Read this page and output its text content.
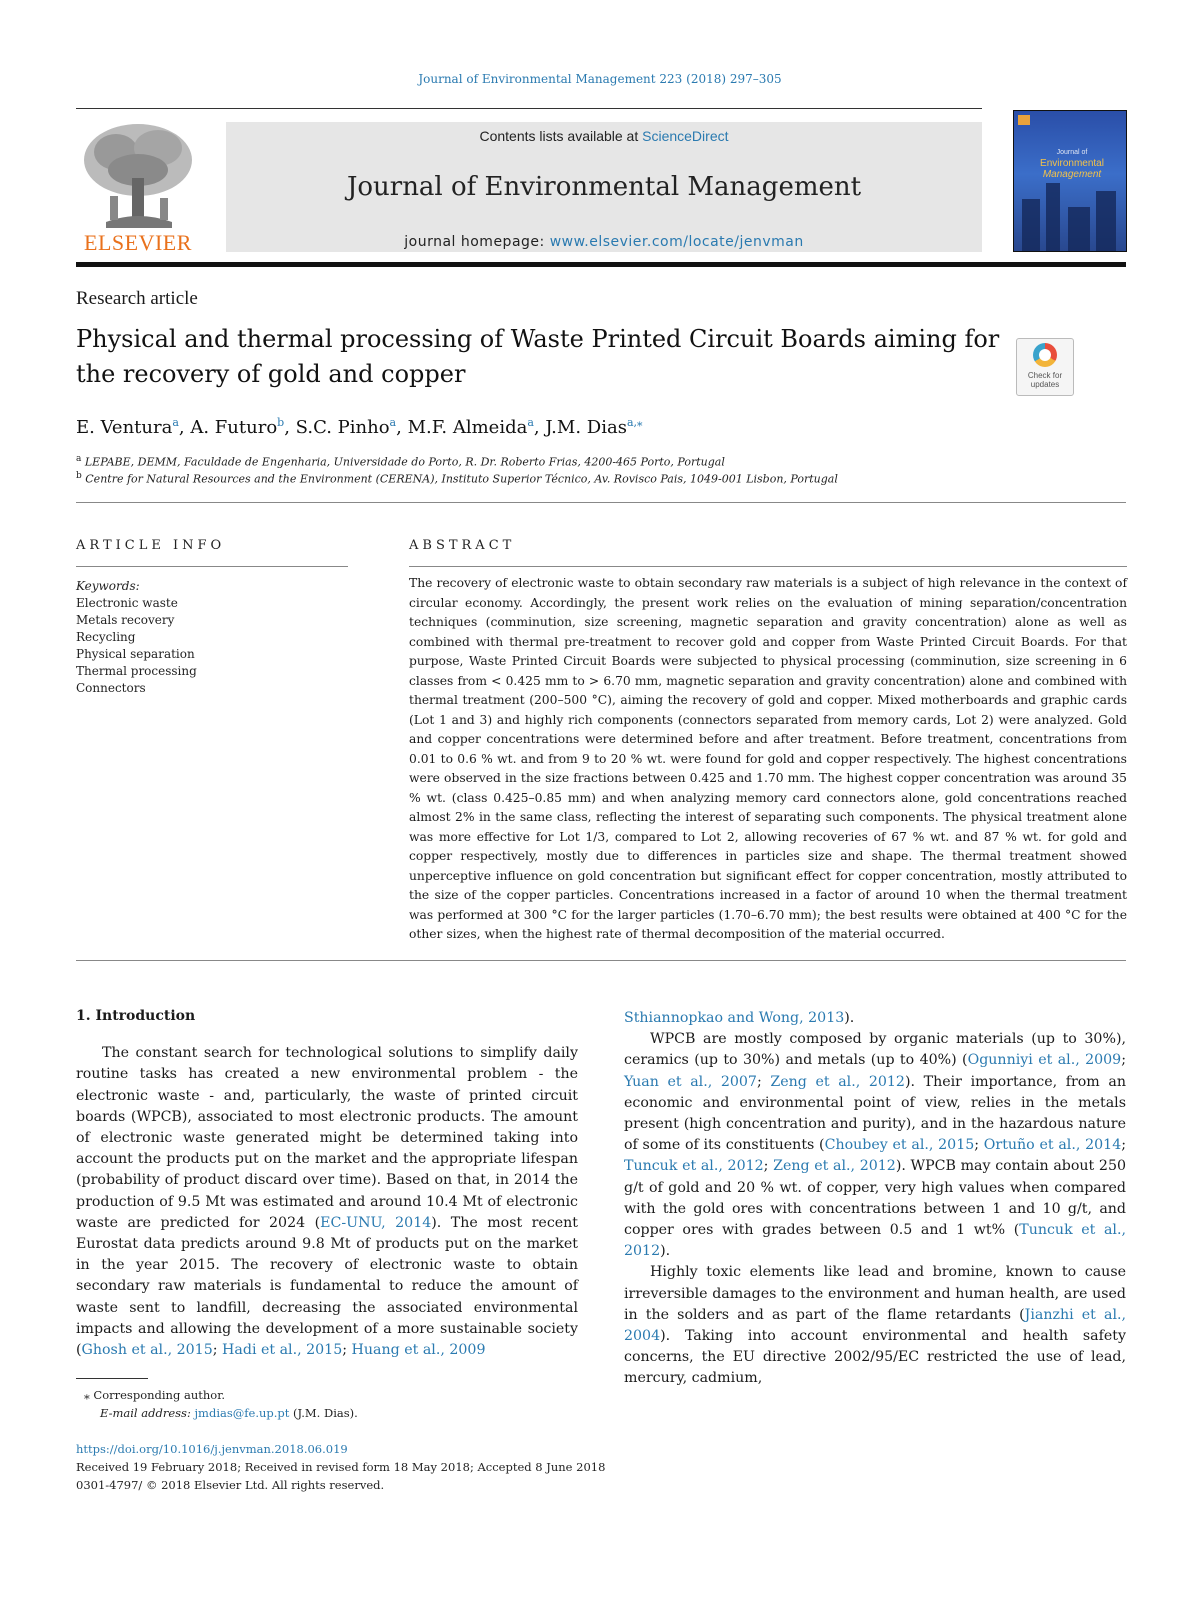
Journal of Environmental Management 223 (2018) 297–305
ELSEVIER
Contents lists available at ScienceDirect
Journal of Environmental Management
journal homepage: www.elsevier.com/locate/jenvman
Journal of
Environmental
Management
Research article
Physical and thermal processing of Waste Printed Circuit Boards aiming for the recovery of gold and copper	Check for updates
E. Ventura$^a$, A. Futuro$^b$, S.C. Pinho$^a$, M.F. Almeida$^a$, J.M. Dias$^{a,⁎}$
$^a$ LEPABE, DEMM, Faculdade de Engenharia, Universidade do Porto, R. Dr. Roberto Frias, 4200-465 Porto, Portugal
$^b$ Centre for Natural Resources and the Environment (CERENA), Instituto Superior Técnico, Av. Rovisco Pais, 1049-001 Lisbon, Portugal
ARTICLE INFO
Keywords:
Electronic waste
Metals recovery
Recycling
Physical separation
Thermal processing
Connectors
ABSTRACT
The recovery of electronic waste to obtain secondary raw materials is a subject of high relevance in the context of circular economy. Accordingly, the present work relies on the evaluation of mining separation/concentration techniques (comminution, size screening, magnetic separation and gravity concentration) alone as well as combined with thermal pre-treatment to recover gold and copper from Waste Printed Circuit Boards. For that purpose, Waste Printed Circuit Boards were subjected to physical processing (comminution, size screening in 6 classes from < 0.425 mm to > 6.70 mm, magnetic separation and gravity concentration) alone and combined with thermal treatment (200–500 °C), aiming the recovery of gold and copper. Mixed motherboards and graphic cards (Lot 1 and 3) and highly rich components (connectors separated from memory cards, Lot 2) were analyzed. Gold and copper concentrations were determined before and after treatment. Before treatment, concentrations from 0.01 to 0.6 % wt. and from 9 to 20 % wt. were found for gold and copper respectively. The highest concentrations were observed in the size fractions between 0.425 and 1.70 mm. The highest copper concentration was around 35 % wt. (class 0.425–0.85 mm) and when analyzing memory card connectors alone, gold concentrations reached almost 2% in the same class, reflecting the interest of separating such components. The physical treatment alone was more effective for Lot 1/3, compared to Lot 2, allowing recoveries of 67 % wt. and 87 % wt. for gold and copper respectively, mostly due to differences in particles size and shape. The thermal treatment showed unperceptive influence on gold concentration but significant effect for copper concentration, mostly attributed to the size of the copper particles. Concentrations increased in a factor of around 10 when the thermal treatment was performed at 300 °C for the larger particles (1.70–6.70 mm); the best results were obtained at 400 °C for the other sizes, when the highest rate of thermal decomposition of the material occurred.

1. Introduction

The constant search for technological solutions to simplify daily routine tasks has created a new environmental problem - the electronic waste - and, particularly, the waste of printed circuit boards (WPCB), associated to most electronic products. The amount of electronic waste generated might be determined taking into account the products put on the market and the appropriate lifespan (probability of product discard over time). Based on that, in 2014 the production of 9.5 Mt was estimated and around 10.4 Mt of electronic waste are predicted for 2024 (EC-UNU, 2014). The most recent Eurostat data predicts around 9.8 Mt of products put on the market in the year 2015. The recovery of electronic waste to obtain secondary raw materials is fundamental to reduce the amount of waste sent to landfill, decreasing the associated environmental impacts and allowing the development of a more sustainable society (Ghosh et al., 2015; Hadi et al., 2015; Huang et al., 2009

Sthiannopkao and Wong, 2013).

WPCB are mostly composed by organic materials (up to 30%), ceramics (up to 30%) and metals (up to 40%) (Ogunniyi et al., 2009; Yuan et al., 2007; Zeng et al., 2012). Their importance, from an economic and environmental point of view, relies in the metals present (high concentration and purity), and in the hazardous nature of some of its constituents (Choubey et al., 2015; Ortuño et al., 2014; Tuncuk et al., 2012; Zeng et al., 2012). WPCB may contain about 250 g/t of gold and 20 % wt. of copper, very high values when compared with the gold ores with concentrations between 1 and 10 g/t, and copper ores with grades between 0.5 and 1 wt% (Tuncuk et al., 2012).

Highly toxic elements like lead and bromine, known to cause irreversible damages to the environment and human health, are used in the solders and as part of the flame retardants (Jianzhi et al., 2004). Taking into account environmental and health safety concerns, the EU directive 2002/95/EC restricted the use of lead, mercury, cadmium,

⁎ Corresponding author.
E-mail address: jmdias@fe.up.pt (J.M. Dias).
https://doi.org/10.1016/j.jenvman.2018.06.019
Received 19 February 2018; Received in revised form 18 May 2018; Accepted 8 June 2018
0301-4797/ © 2018 Elsevier Ltd. All rights reserved.
